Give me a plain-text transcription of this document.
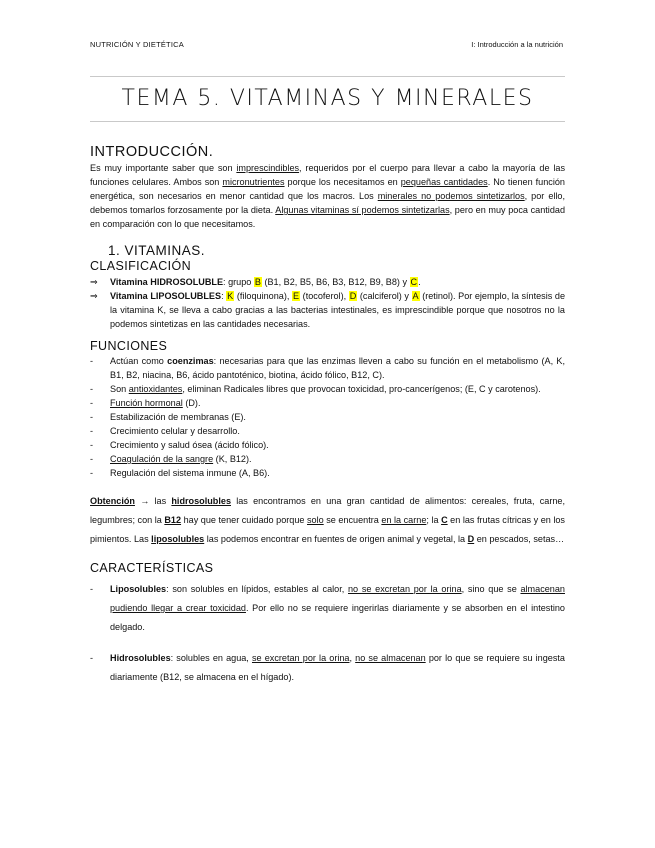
NUTRICIÓN Y DIETÉTICA	I: Introducción a la nutrición
TEMA 5. VITAMINAS Y MINERALES
INTRODUCCIÓN.

Es muy importante saber que son imprescindibles, requeridos por el cuerpo para llevar a cabo la mayoría de las funciones celulares. Ambos son micronutrientes porque los necesitamos en pequeñas cantidades. No tienen función energética, son necesarios en menor cantidad que los macros. Los minerales no podemos sintetizarlos, por ello, debemos tomarlos forzosamente por la dieta. Algunas vitaminas sí podemos sintetizarlas, pero en muy poca cantidad en comparación con lo que necesitamos.

1. VITAMINAS.
CLASIFICACIÓN
⇒ Vitamina HIDROSOLUBLE: grupo B (B1, B2, B5, B6, B3, B12, B9, B8) y C.
⇒ Vitamina LIPOSOLUBLES: K (filoquinona), E (tocoferol), D (calciferol) y A (retinol). Por ejemplo, la síntesis de la vitamina K, se lleva a cabo gracias a las bacterias intestinales, es imprescindible porque que nosotros no la podemos sintetizas en las cantidades necesarias.
FUNCIONES
- Actúan como coenzimas: necesarias para que las enzimas lleven a cabo su función en el metabolismo (A, K, B1, B2, niacina, B6, ácido pantoténico, biotina, ácido fólico, B12, C).
- Son antioxidantes, eliminan Radicales libres que provocan toxicidad, pro-cancerígenos; (E, C y carotenos).
- Función hormonal (D).
- Estabilización de membranas (E).
- Crecimiento celular y desarrollo.
- Crecimiento y salud ósea (ácido fólico).
- Coagulación de la sangre (K, B12).
- Regulación del sistema inmune (A, B6).

Obtención → las hidrosolubles las encontramos en una gran cantidad de alimentos: cereales, fruta, carne, legumbres; con la B12 hay que tener cuidado porque solo se encuentra en la carne; la C en las frutas cítricas y en los pimientos. Las liposolubles las podemos encontrar en fuentes de origen animal y vegetal, la D en pescados, setas…

CARACTERÍSTICAS
- Liposolubles: son solubles en lípidos, estables al calor, no se excretan por la orina, sino que se almacenan pudiendo llegar a crear toxicidad. Por ello no se requiere ingerirlas diariamente y se absorben en el intestino delgado.
- Hidrosolubles: solubles en agua, se excretan por la orina, no se almacenan por lo que se requiere su ingesta diariamente (B12, se almacena en el hígado).
